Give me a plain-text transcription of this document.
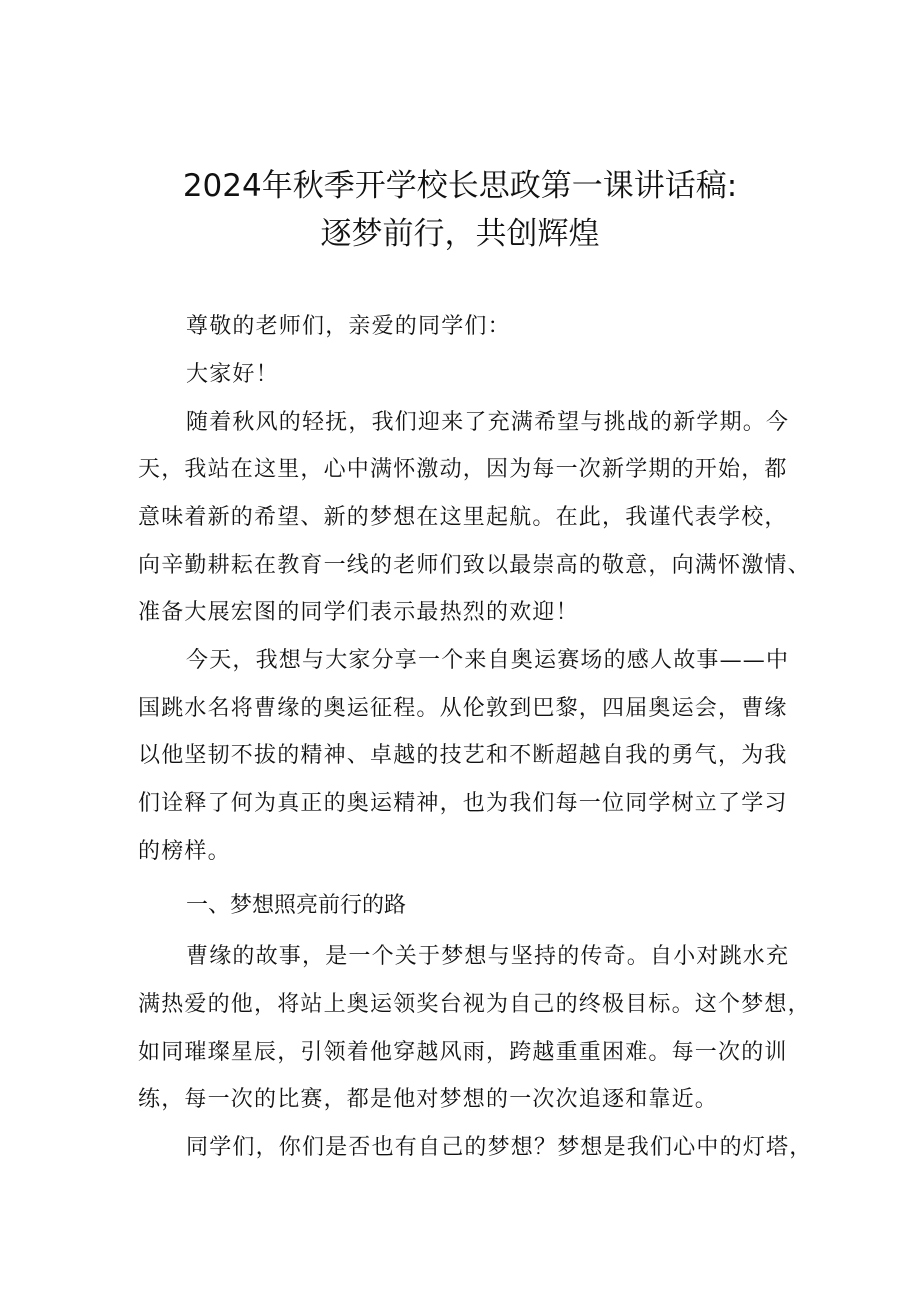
2024年秋季开学校长思政第一课讲话稿:
逐梦前行，共创辉煌
尊敬的老师们，亲爱的同学们：
大家好！
随着秋风的轻抚，我们迎来了充满希望与挑战的新学期。今
天，我站在这里，心中满怀激动，因为每一次新学期的开始，都
意味着新的希望、新的梦想在这里起航。在此，我谨代表学校，
向辛勤耕耘在教育一线的老师们致以最崇高的敬意，向满怀激情、
准备大展宏图的同学们表示最热烈的欢迎！
今天，我想与大家分享一个来自奥运赛场的感人故事——中
国跳水名将曹缘的奥运征程。从伦敦到巴黎，四届奥运会，曹缘
以他坚韧不拔的精神、卓越的技艺和不断超越自我的勇气，为我
们诠释了何为真正的奥运精神，也为我们每一位同学树立了学习
的榜样。
一、梦想照亮前行的路
曹缘的故事，是一个关于梦想与坚持的传奇。自小对跳水充
满热爱的他，将站上奥运领奖台视为自己的终极目标。这个梦想，
如同璀璨星辰，引领着他穿越风雨，跨越重重困难。每一次的训
练，每一次的比赛，都是他对梦想的一次次追逐和靠近。
同学们，你们是否也有自己的梦想？梦想是我们心中的灯塔，
